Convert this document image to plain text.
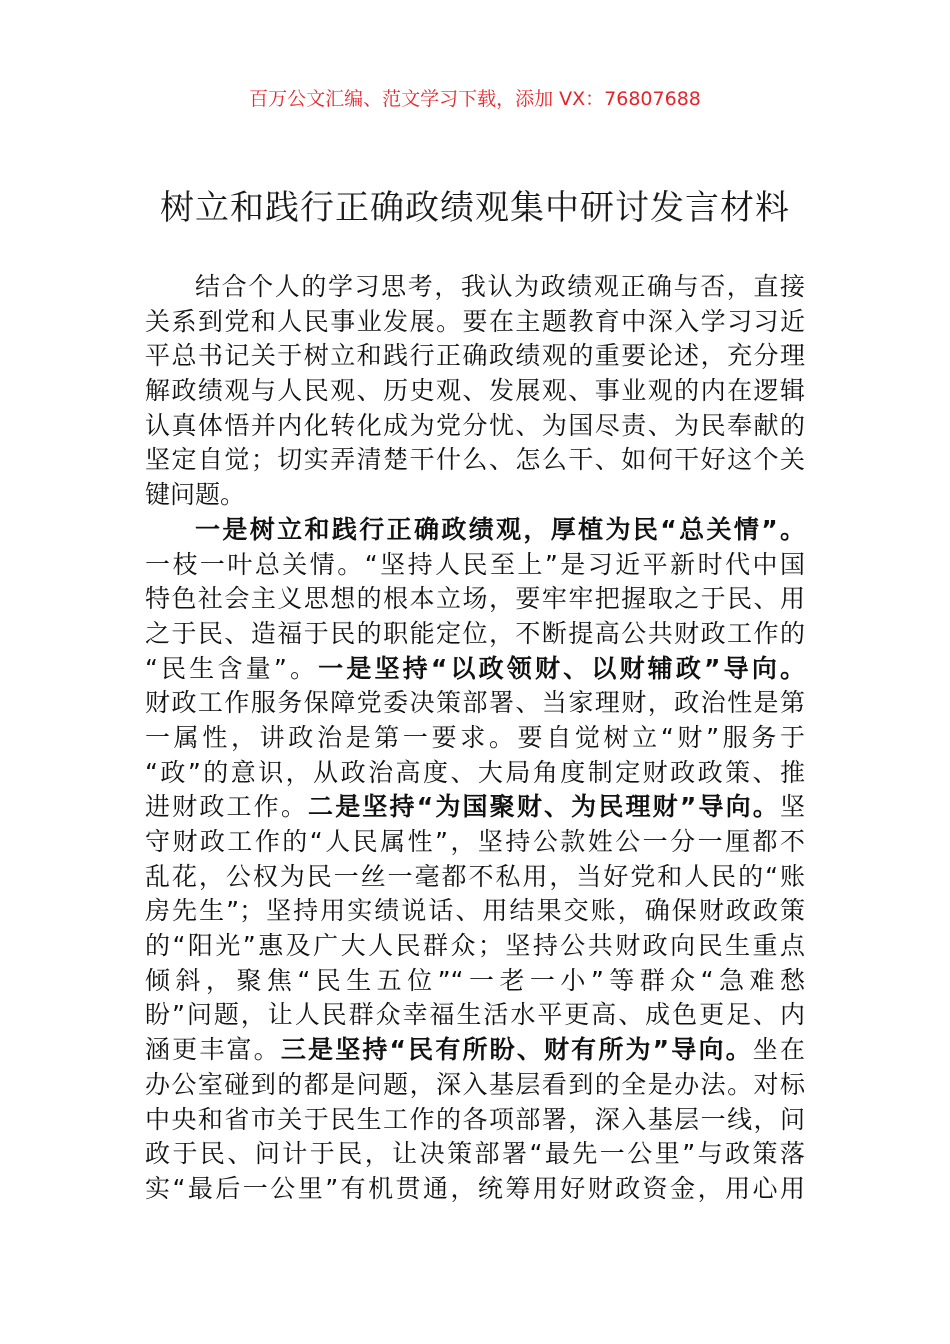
百万公文汇编、范文学习下载，添加 VX：76807688
树立和践行正确政绩观集中研讨发言材料
结合个人的学习思考，我认为政绩观正确与否，直接
关系到党和人民事业发展。要在主题教育中深入学习习近
平总书记关于树立和践行正确政绩观的重要论述，充分理
解政绩观与人民观、历史观、发展观、事业观的内在逻辑
认真体悟并内化转化成为党分忧、为国尽责、为民奉献的
坚定自觉；切实弄清楚干什么、怎么干、如何干好这个关
键问题。
一是树立和践行正确政绩观，厚植为民“总关情”。
一枝一叶总关情。“坚持人民至上”是习近平新时代中国
特色社会主义思想的根本立场，要牢牢把握取之于民、用
之于民、造福于民的职能定位，不断提高公共财政工作的
“民生含量”。一是坚持“以政领财、以财辅政”导向。
财政工作服务保障党委决策部署、当家理财，政治性是第
一属性，讲政治是第一要求。要自觉树立“财”服务于
“政”的意识，从政治高度、大局角度制定财政政策、推
进财政工作。二是坚持“为国聚财、为民理财”导向。坚
守财政工作的“人民属性”，坚持公款姓公一分一厘都不
乱花，公权为民一丝一毫都不私用，当好党和人民的“账
房先生”；坚持用实绩说话、用结果交账，确保财政政策
的“阳光”惠及广大人民群众；坚持公共财政向民生重点
倾斜，聚焦“民生五位”“一老一小”等群众“急难愁
盼”问题，让人民群众幸福生活水平更高、成色更足、内
涵更丰富。三是坚持“民有所盼、财有所为”导向。坐在
办公室碰到的都是问题，深入基层看到的全是办法。对标
中央和省市关于民生工作的各项部署，深入基层一线，问
政于民、问计于民，让决策部署“最先一公里”与政策落
实“最后一公里”有机贯通，统筹用好财政资金，用心用
